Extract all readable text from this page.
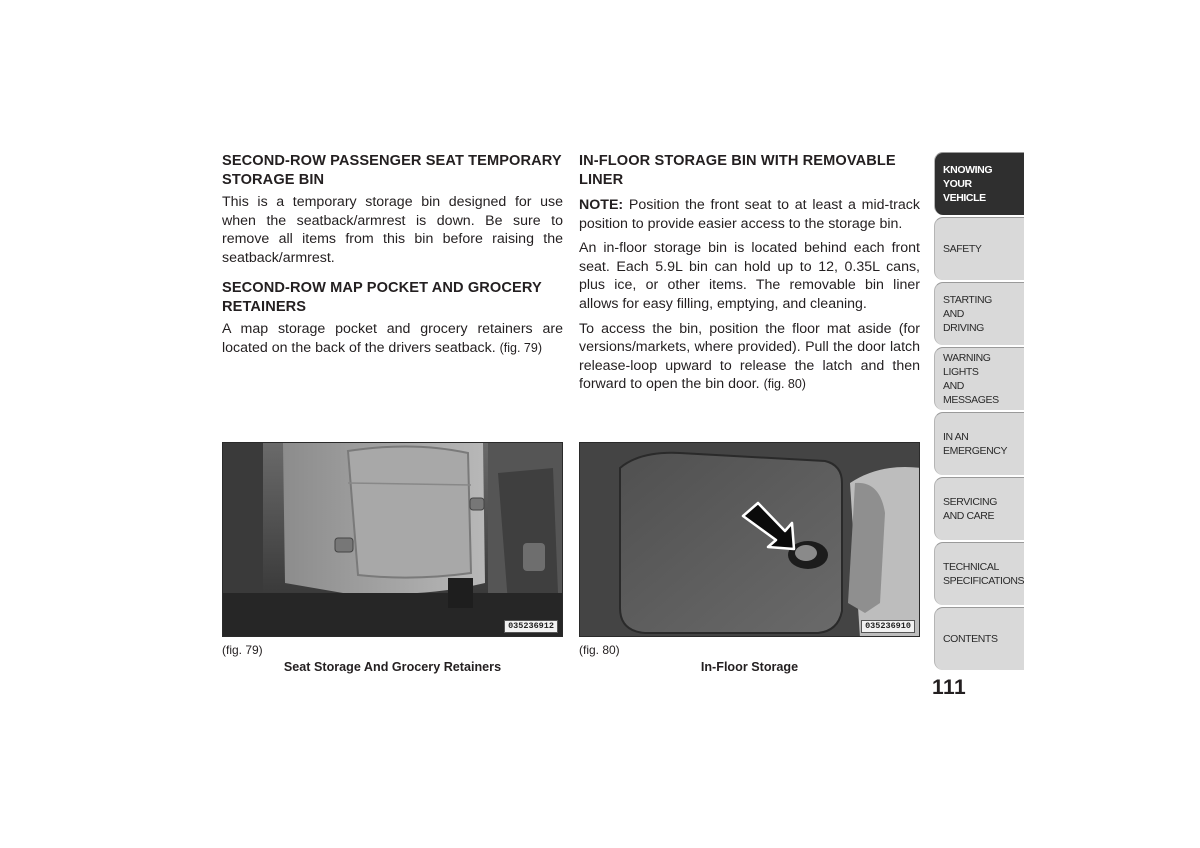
SECOND-ROW PASSENGER SEAT TEMPORARY STORAGE BIN

This is a temporary storage bin designed for use when the seatback/armrest is down. Be sure to remove all items from this bin before raising the seatback/armrest.

SECOND-ROW MAP POCKET AND GROCERY RETAINERS

A map storage pocket and grocery retainers are located on the back of the drivers seatback. (fig. 79)

IN-FLOOR STORAGE BIN WITH REMOVABLE LINER

NOTE: Position the front seat to at least a mid-track position to provide easier access to the storage bin.

An in-floor storage bin is located behind each front seat. Each 5.9L bin can hold up to 12, 0.35L cans, plus ice, or other items. The removable bin liner allows for easy filling, emptying, and cleaning.

To access the bin, position the floor mat aside (for versions/markets, where provided). Pull the door latch release-loop upward to release the latch and then forward to open the bin door. (fig. 80)

035236912	035236910
(fig. 79)
Seat Storage And Grocery Retainers
(fig. 80)
In-Floor Storage
KNOWING
YOUR
VEHICLE
SAFETY
STARTING
AND
DRIVING
WARNING
LIGHTS
AND
MESSAGES
IN AN
EMERGENCY
SERVICING
AND CARE
TECHNICAL
SPECIFICATIONS
CONTENTS
111
